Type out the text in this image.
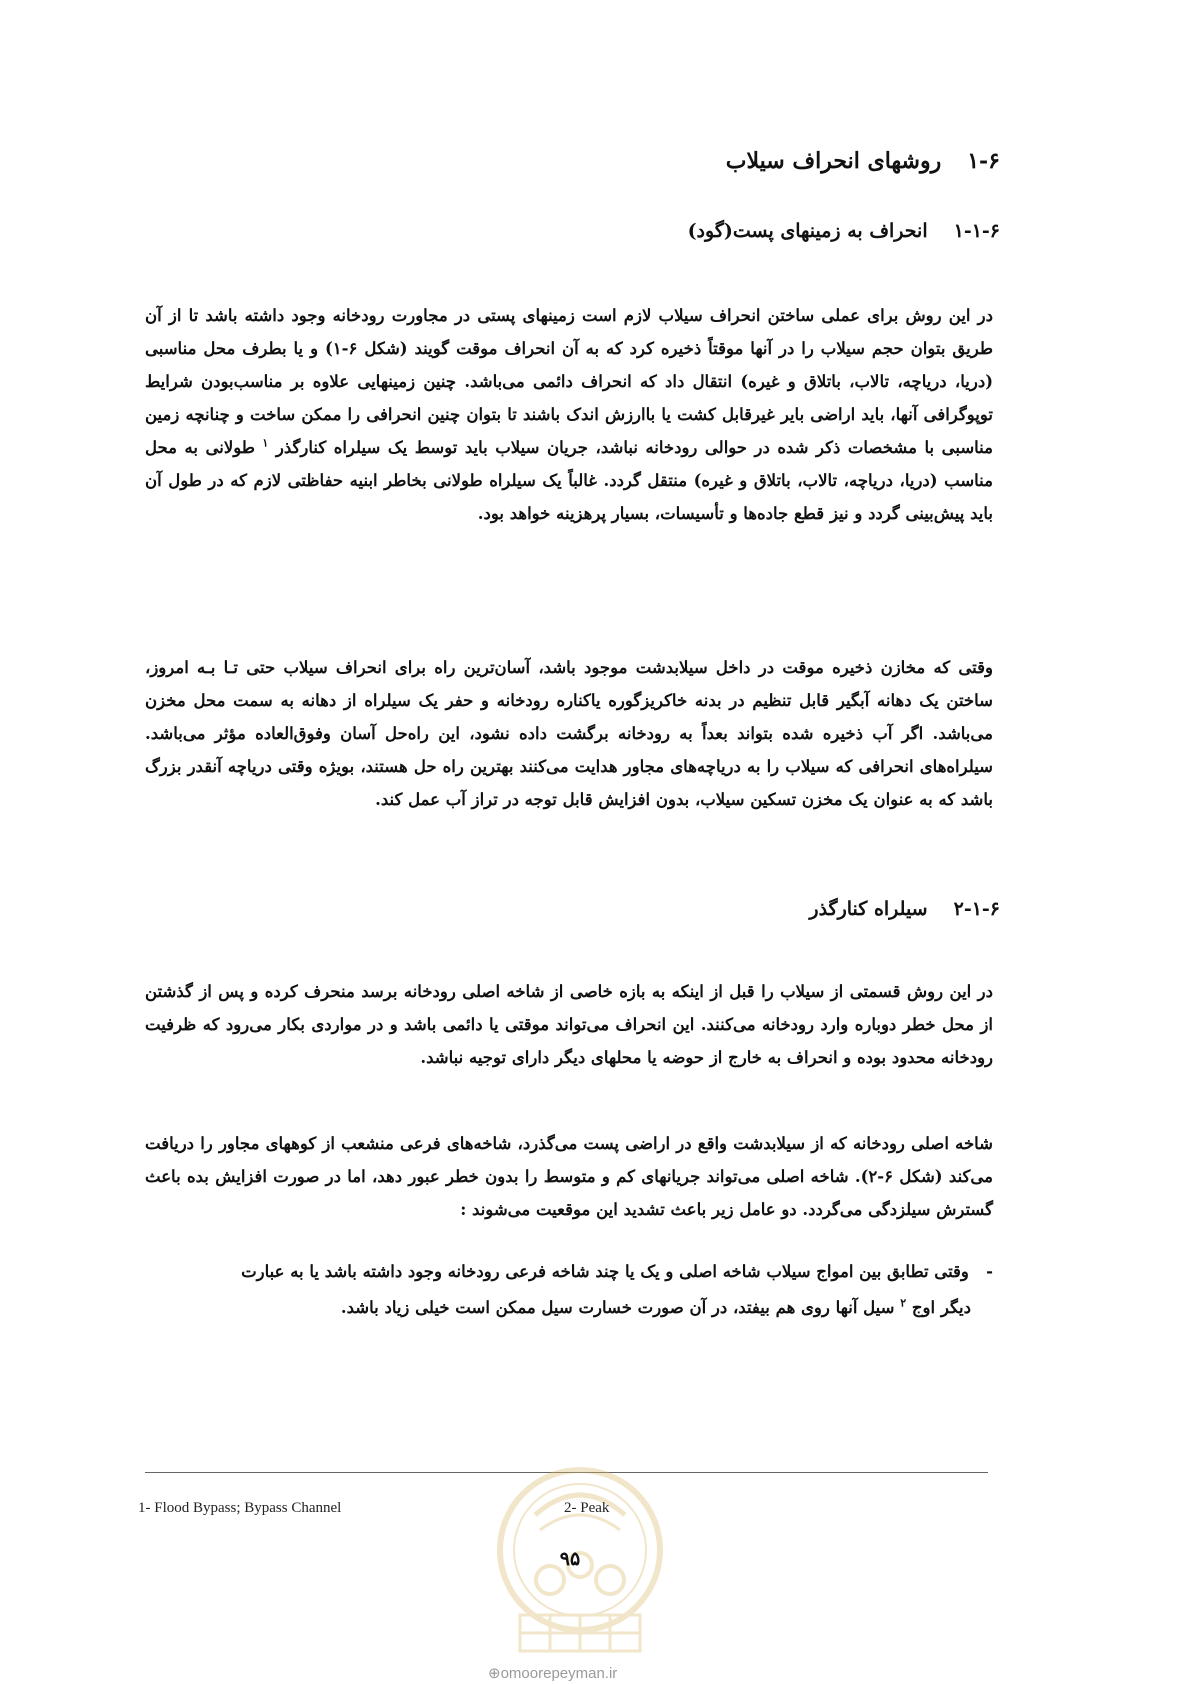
۱-۶روشهای انحراف سیلاب
۱-۱-۶انحراف به زمینهای پست(گود)
در این روش برای عملی ساختن انحراف سیلاب لازم است زمینهای پستی در مجاورت رودخانه وجود داشته باشد تا از آن طریق بتوان حجم سیلاب را در آنها موقتاً ذخیره کرد که به آن انحراف موقت گویند (شکل ۶-۱) و یا بطرف محل مناسبی (دریا، دریاچه، تالاب، باتلاق و غیره) انتقال داد که انحراف دائمی می‌باشد. چنین زمینهایی علاوه بر مناسب‌بودن شرایط توپوگرافی آنها، باید اراضی بایر غیرقابل کشت یا باارزش اندک باشند تا بتوان چنین انحرافی را ممکن ساخت و چنانچه زمین مناسبی با مشخصات ذکر شده در حوالی رودخانه نباشد، جریان سیلاب باید توسط یک سیلراه کنارگذر $^۱$ طولانی به محل مناسب (دریا، دریاچه، تالاب، باتلاق و غیره) منتقل گردد. غالباً یک سیلراه طولانی بخاطر ابنیه حفاظتی لازم که در طول آن باید پیش‌بینی گردد و نیز قطع جاده‌ها و تأسیسات، بسیار پرهزینه خواهد بود.
وقتی که مخازن ذخیره موقت در داخل سیلابدشت موجود باشد، آسان‌ترین راه برای انحراف سیلاب حتی تـا بـه امروز، ساختن یک دهانه آبگیر قابل تنظیم در بدنه خاکریزگوره یاکناره رودخانه و حفر یک سیلراه از دهانه به سمت محل مخزن می‌باشد. اگر آب ذخیره شده بتواند بعداً به رودخانه برگشت داده نشود، این راه‌حل آسان وفوق‌العاده مؤثر می‌باشد. سیلراه‌های انحرافی که سیلاب را به دریاچه‌های مجاور هدایت می‌کنند بهترین راه حل هستند، بویژه وقتی دریاچه آنقدر بزرگ باشد که به عنوان یک مخزن تسکین سیلاب، بدون افزایش قابل توجه در تراز آب عمل کند.
۲-۱-۶سیلراه کنارگذر
در این روش قسمتی از سیلاب را قبل از اینکه به بازه خاصی از شاخه اصلی رودخانه برسد منحرف کرده و پس از گذشتن از محل خطر دوباره وارد رودخانه می‌کنند. این انحراف می‌تواند موقتی یا دائمی باشد و در مواردی بکار می‌رود که ظرفیت رودخانه محدود بوده و انحراف به خارج از حوضه یا محلهای دیگر دارای توجیه نباشد.
شاخه اصلی رودخانه که از سیلابدشت واقع در اراضی پست می‌گذرد، شاخه‌های فرعی منشعب از کوههای مجاور را دریافت می‌کند (شکل ۶-۲). شاخه اصلی می‌تواند جریانهای کم و متوسط را بدون خطر عبور دهد، اما در صورت افزایش بده باعث گسترش سیلزدگی می‌گردد. دو عامل زیر باعث تشدید این موقعیت می‌شوند :
-   وقتی تطابق بین امواج سیلاب شاخه اصلی و یک یا چند شاخه فرعی رودخانه وجود داشته باشد یا به عبارت
دیگر اوج $^۲$ سیل آنها روی هم بیفتد، در آن صورت خسارت سیل ممکن است خیلی زیاد باشد.
1- Flood Bypass; Bypass Channel	2- Peak
۹۵
⊕omoorepeyman.ir
